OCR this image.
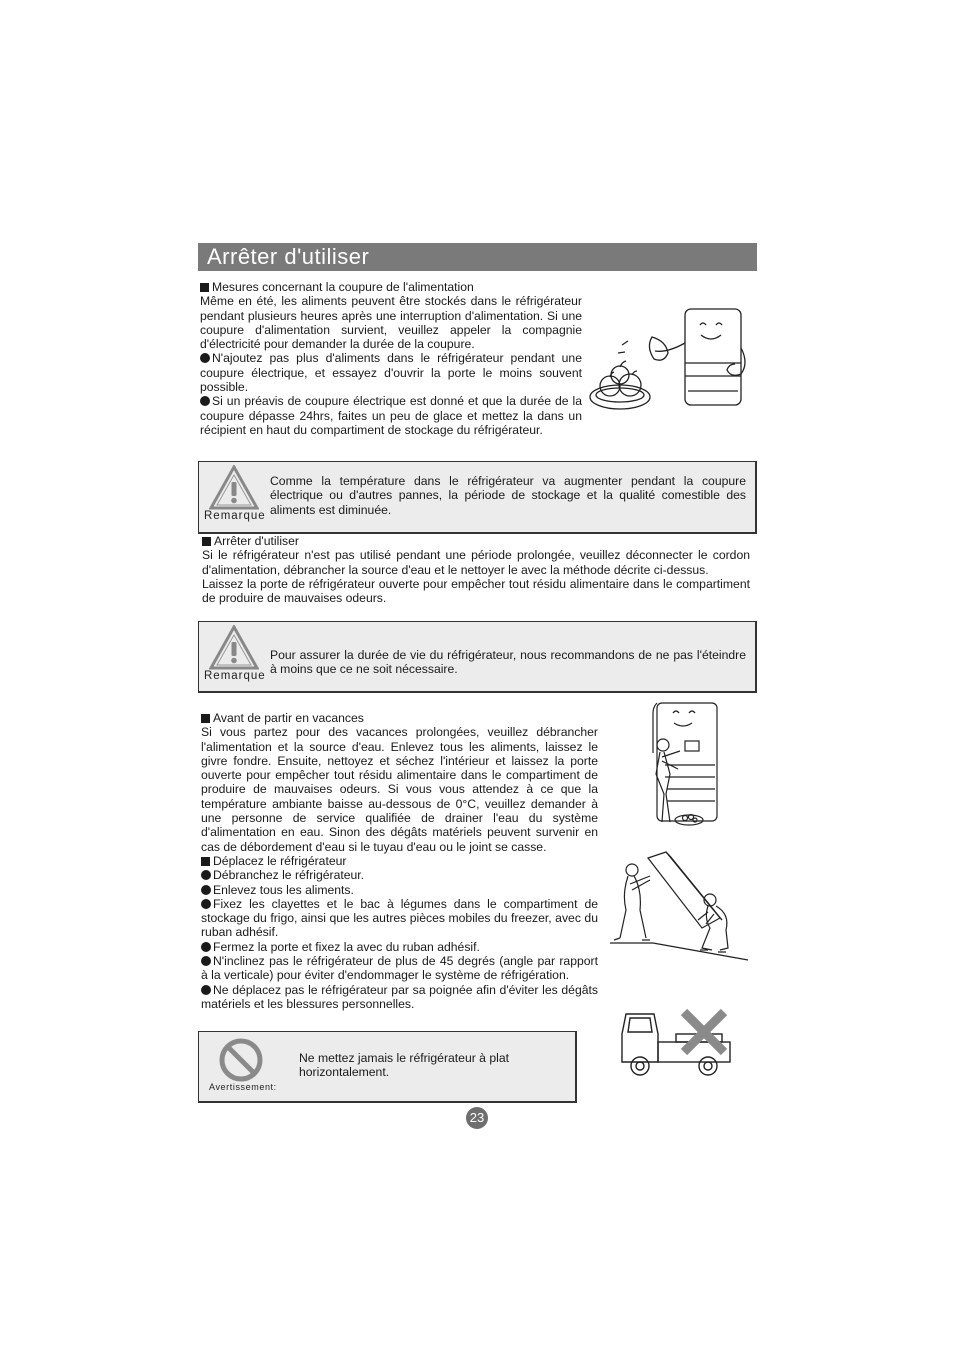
Arrêter d'utiliser

Mesures concernant la coupure de l'alimentation

Même en été, les aliments peuvent être stockés dans le réfrigérateur pendant plusieurs heures après une interruption d'alimentation. Si une coupure d'alimentation survient, veuillez appeler la compagnie d'électricité pour demander la durée de la coupure.

N'ajoutez pas plus d'aliments dans le réfrigérateur pendant une coupure électrique, et essayez d'ouvrir la porte le moins souvent possible.

Si un préavis de coupure électrique est donné et que la durée de la coupure dépasse 24hrs, faites un peu de glace et mettez la dans un récipient en haut du compartiment de stockage du réfrigérateur.

Remarque
Comme la température dans le réfrigérateur va augmenter pendant la coupure électrique ou d'autres pannes, la période de stockage et la qualité comestible des aliments est diminuée.

Arrêter d'utiliser

Si le réfrigérateur n'est pas utilisé pendant une période prolongée, veuillez déconnecter le cordon d'alimentation, débrancher la source d'eau et le nettoyer le avec la méthode décrite ci-dessus.

Laissez la porte de réfrigérateur ouverte pour empêcher tout résidu alimentaire dans le compartiment de produire de mauvaises odeurs.

Remarque
Pour assurer la durée de vie du réfrigérateur, nous recommandons de ne pas l'éteindre à moins que ce ne soit nécessaire.

Avant de partir en vacances

Si vous partez pour des vacances prolongées, veuillez débrancher l'alimentation et la source d'eau. Enlevez tous les aliments, laissez le givre fondre. Ensuite, nettoyez et séchez l'intérieur et laissez la porte ouverte pour empêcher tout résidu alimentaire dans le compartiment de produire de mauvaises odeurs. Si vous vous attendez à ce que la température ambiante baisse au-dessous de 0°C, veuillez demander à une personne de service qualifiée de drainer l'eau du système d'alimentation en eau. Sinon des dégâts matériels peuvent survenir en cas de débordement d'eau si le tuyau d'eau ou le joint se casse.

Déplacez le réfrigérateur

Débranchez le réfrigérateur.

Enlevez tous les aliments.

Fixez les clayettes et le bac à légumes dans le compartiment de stockage du frigo, ainsi que les autres pièces mobiles du freezer, avec du ruban adhésif.

Fermez la porte et fixez la avec du ruban adhésif.

N'inclinez pas le réfrigérateur de plus de 45 degrés (angle par rapport à la verticale) pour éviter d'endommager le système de réfrigération.

Ne déplacez pas le réfrigérateur par sa poignée afin d'éviter les dégâts matériels et les blessures personnelles.

Avertissement:
Ne mettez jamais le réfrigérateur à plat horizontalement.
23
